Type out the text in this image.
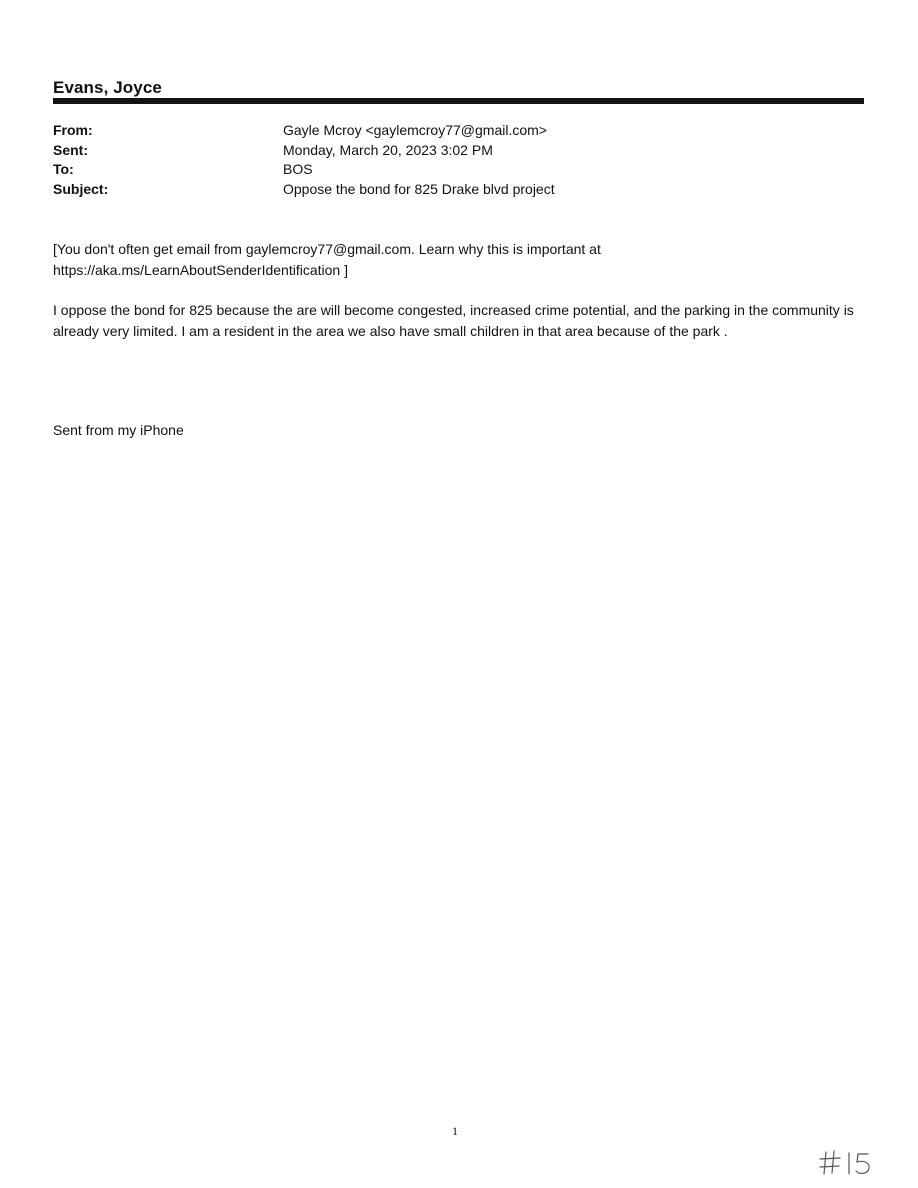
Evans, Joyce
From:	Gayle Mcroy <gaylemcroy77@gmail.com>
Sent:	Monday, March 20, 2023 3:02 PM
To:	BOS
Subject:	Oppose the bond for 825 Drake blvd project
[You don't often get email from gaylemcroy77@gmail.com. Learn why this is important at
https://aka.ms/LearnAboutSenderIdentification ]
I oppose the bond for 825 because the are will become congested, increased crime potential, and the parking in the community is already very limited. I am a resident in the area we also have small children in that area because of the park .
Sent from my iPhone
1
